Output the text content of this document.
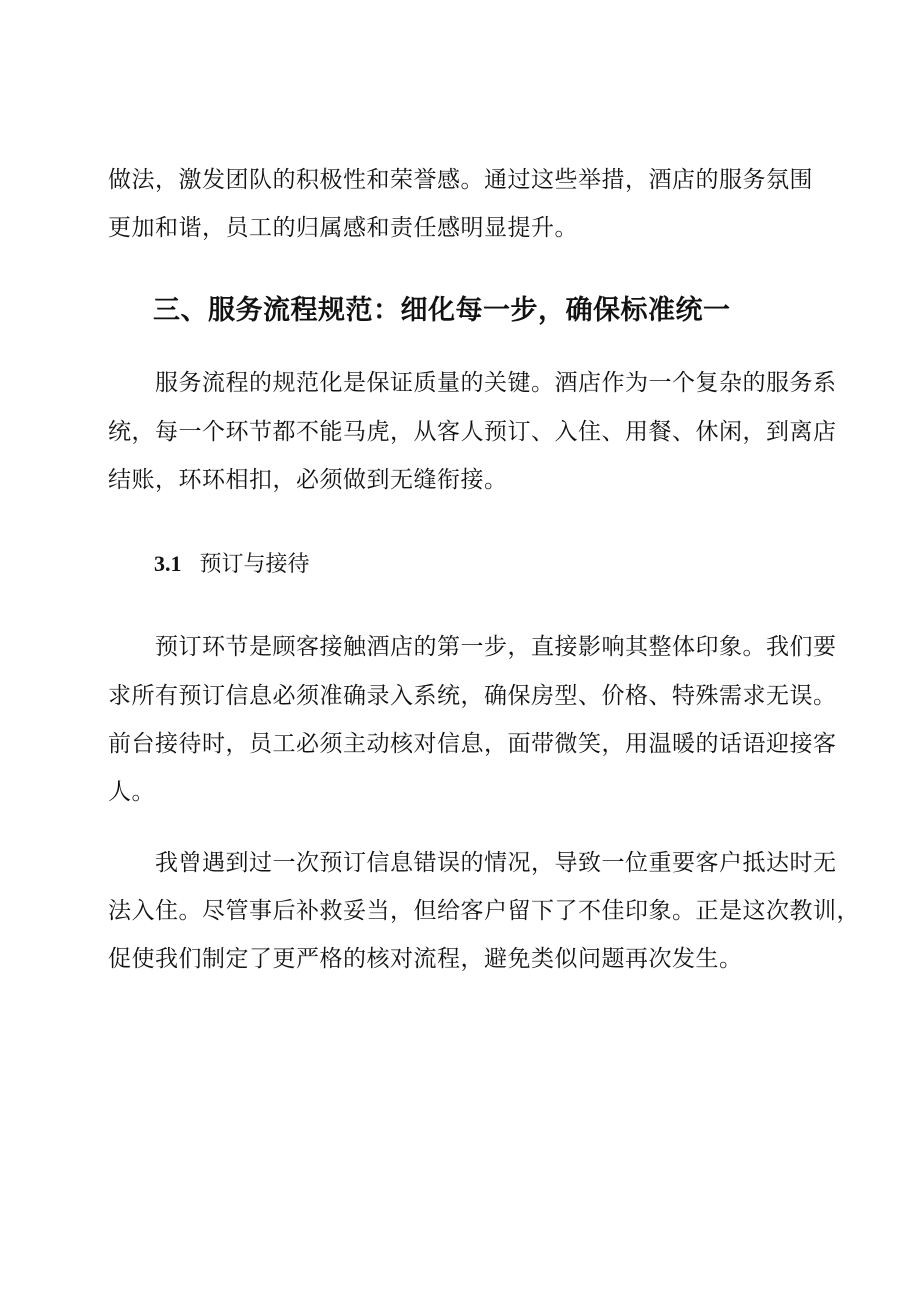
做法，激发团队的积极性和荣誉感。通过这些举措，酒店的服务氛围
更加和谐，员工的归属感和责任感明显提升。
三、服务流程规范：细化每一步，确保标准统一
服务流程的规范化是保证质量的关键。酒店作为一个复杂的服务系
统，每一个环节都不能马虎，从客人预订、入住、用餐、休闲，到离店
结账，环环相扣，必须做到无缝衔接。
3.1 预订与接待
预订环节是顾客接触酒店的第一步，直接影响其整体印象。我们要
求所有预订信息必须准确录入系统，确保房型、价格、特殊需求无误。
前台接待时，员工必须主动核对信息，面带微笑，用温暖的话语迎接客
人。
我曾遇到过一次预订信息错误的情况，导致一位重要客户抵达时无
法入住。尽管事后补救妥当，但给客户留下了不佳印象。正是这次教训，
促使我们制定了更严格的核对流程，避免类似问题再次发生。
